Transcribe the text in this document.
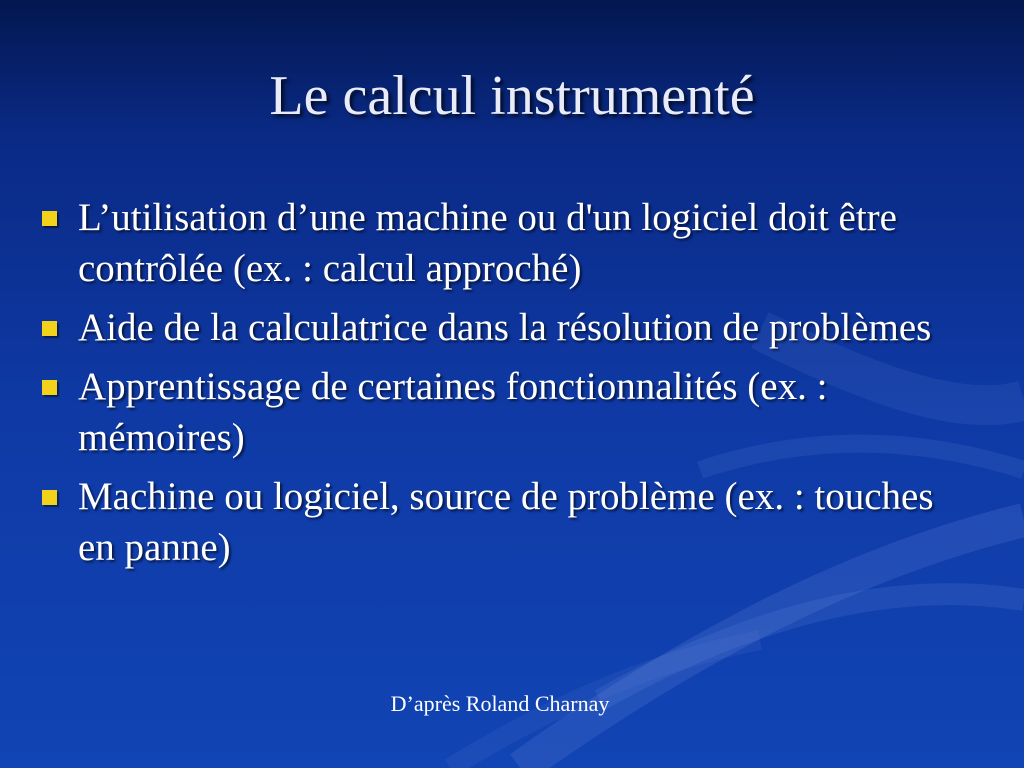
Le calcul instrumenté
L’utilisation d’une machine ou d'un logiciel doit être contrôlée (ex. : calcul approché)
Aide de la calculatrice dans la résolution de problèmes
Apprentissage de certaines fonctionnalités (ex. : mémoires)
Machine ou logiciel, source de problème (ex. : touches en panne)
D’après Roland Charnay
